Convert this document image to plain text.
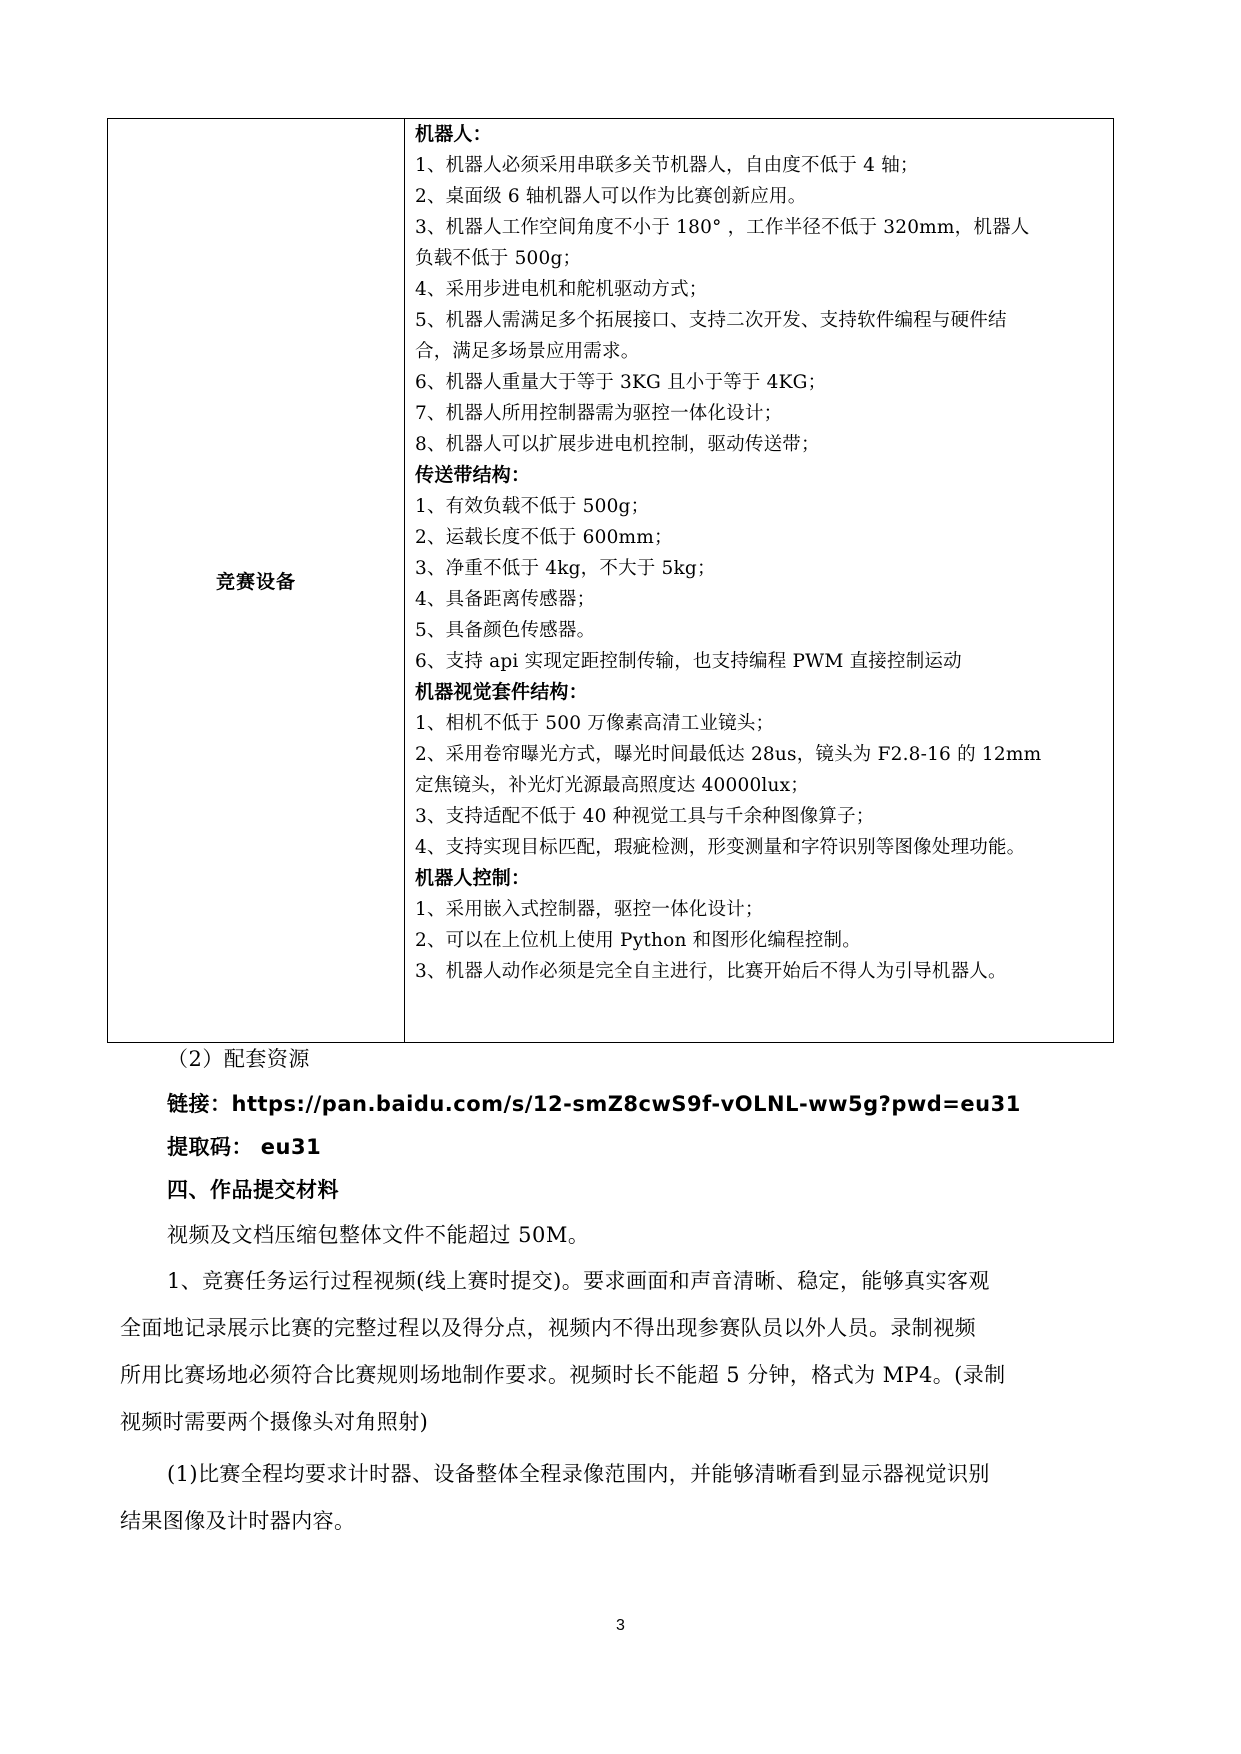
竞赛设备

机器人：
1、机器人必须采用串联多关节机器人，自由度不低于 4 轴；
2、桌面级 6 轴机器人可以作为比赛创新应用。
3、机器人工作空间角度不小于 180° ，工作半径不低于 320mm，机器人
负载不低于 500g；
4、采用步进电机和舵机驱动方式；
5、机器人需满足多个拓展接口、支持二次开发、支持软件编程与硬件结
合，满足多场景应用需求。
6、机器人重量大于等于 3KG 且小于等于 4KG；
7、机器人所用控制器需为驱控一体化设计；
8、机器人可以扩展步进电机控制，驱动传送带；
传送带结构：
1、有效负载不低于 500g；
2、运载长度不低于 600mm；
3、净重不低于 4kg，不大于 5kg；
4、具备距离传感器；
5、具备颜色传感器。
6、支持 api 实现定距控制传输，也支持编程 PWM 直接控制运动
机器视觉套件结构：
1、相机不低于 500 万像素高清工业镜头；
2、采用卷帘曝光方式，曝光时间最低达 28us，镜头为 F2.8-16 的 12mm
定焦镜头，补光灯光源最高照度达 40000lux；
3、支持适配不低于 40 种视觉工具与千余种图像算子；
4、支持实现目标匹配，瑕疵检测，形变测量和字符识别等图像处理功能。
机器人控制：
1、采用嵌入式控制器，驱控一体化设计；
2、可以在上位机上使用 Python 和图形化编程控制。
3、机器人动作必须是完全自主进行，比赛开始后不得人为引导机器人。
（2）配套资源
链接：https://pan.baidu.com/s/12-smZ8cwS9f-vOLNL-ww5g?pwd=eu31
提取码： eu31
四、作品提交材料
视频及文档压缩包整体文件不能超过 50M。
1、竞赛任务运行过程视频(线上赛时提交)。要求画面和声音清晰、稳定，能够真实客观
全面地记录展示比赛的完整过程以及得分点，视频内不得出现参赛队员以外人员。录制视频
所用比赛场地必须符合比赛规则场地制作要求。视频时长不能超 5 分钟，格式为 MP4。(录制
视频时需要两个摄像头对角照射)
(1)比赛全程均要求计时器、设备整体全程录像范围内，并能够清晰看到显示器视觉识别
结果图像及计时器内容。
3
